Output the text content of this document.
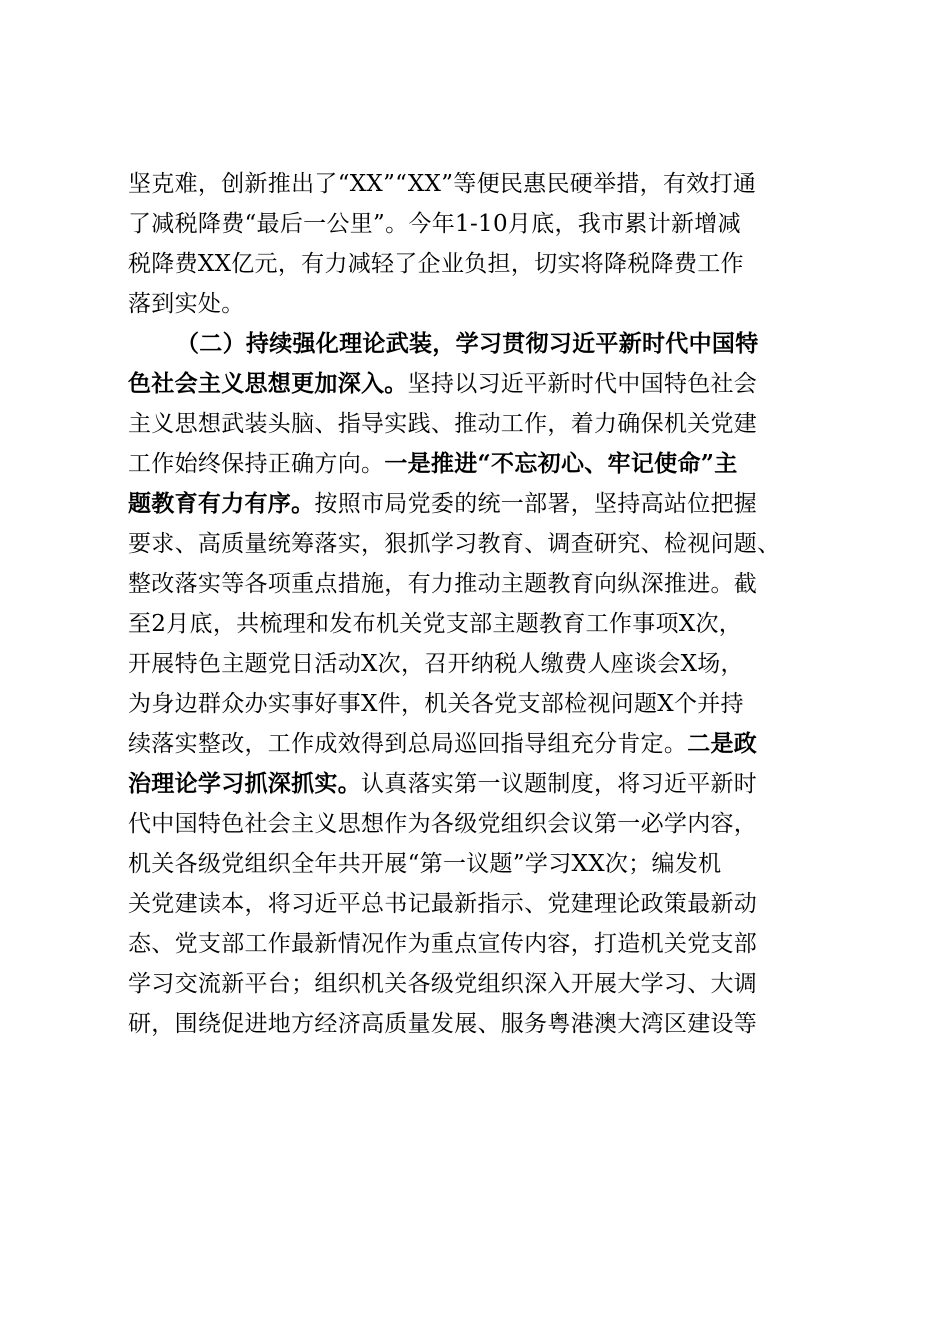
坚克难，创新推出了“XX”“XX”等便民惠民硬举措，有效打通
了减税降费“最后一公里”。今年1-10月底，我市累计新增减
税降费XX亿元，有力减轻了企业负担，切实将降税降费工作
落到实处。
（二）持续强化理论武装，学习贯彻习近平新时代中国特
色社会主义思想更加深入。坚持以习近平新时代中国特色社会
主义思想武装头脑、指导实践、推动工作，着力确保机关党建
工作始终保持正确方向。一是推进“不忘初心、牢记使命”主
题教育有力有序。按照市局党委的统一部署，坚持高站位把握
要求、高质量统筹落实，狠抓学习教育、调查研究、检视问题、
整改落实等各项重点措施，有力推动主题教育向纵深推进。截
至2月底，共梳理和发布机关党支部主题教育工作事项X次，
开展特色主题党日活动X次，召开纳税人缴费人座谈会X场，
为身边群众办实事好事X件，机关各党支部检视问题X个并持
续落实整改，工作成效得到总局巡回指导组充分肯定。二是政
治理论学习抓深抓实。认真落实第一议题制度，将习近平新时
代中国特色社会主义思想作为各级党组织会议第一必学内容，
机关各级党组织全年共开展“第一议题”学习XX次；编发机
关党建读本，将习近平总书记最新指示、党建理论政策最新动
态、党支部工作最新情况作为重点宣传内容，打造机关党支部
学习交流新平台；组织机关各级党组织深入开展大学习、大调
研，围绕促进地方经济高质量发展、服务粤港澳大湾区建设等
